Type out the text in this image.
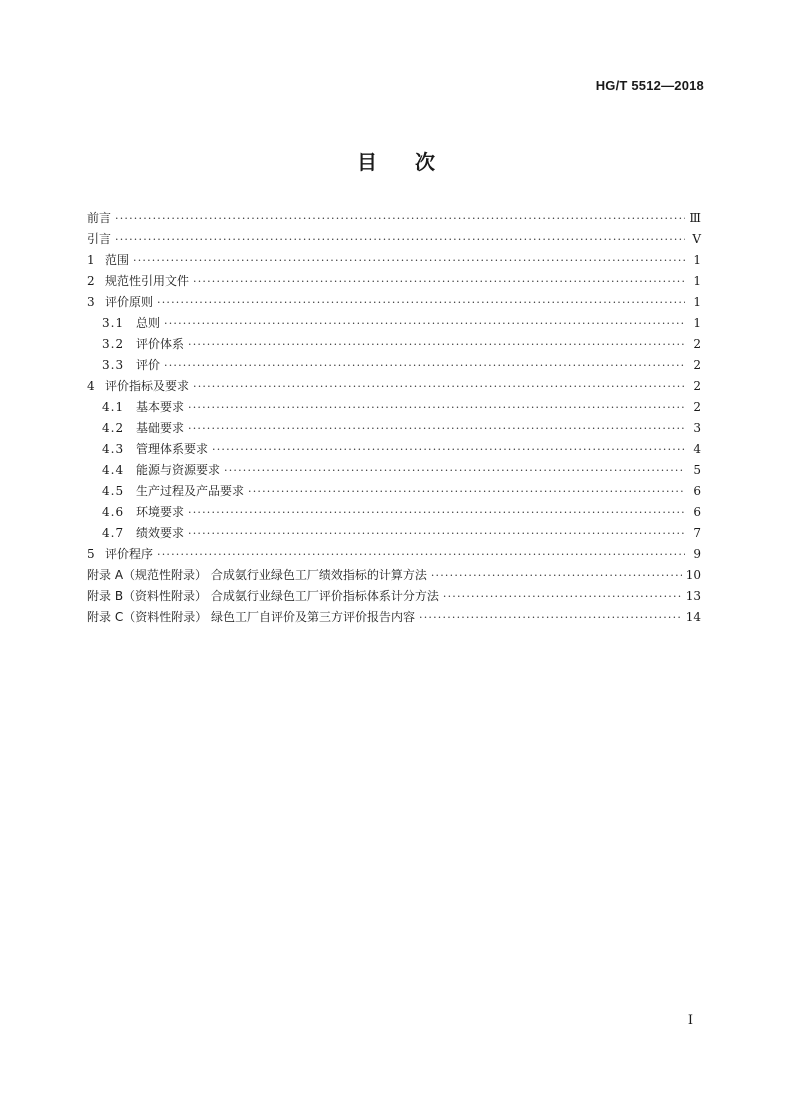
HG/T 5512—2018
目 次
前言 ·····	Ⅲ
引言 ·····	Ⅴ
1 范围 ·····	1
2 规范性引用文件 ·····	1
3 评价原则 ·····	1
3.1 总则 ·····	1
3.2 评价体系 ·····	2
3.3 评价 ·····	2
4 评价指标及要求 ·····	2
4.1 基本要求 ·····	2
4.2 基础要求 ·····	3
4.3 管理体系要求 ·····	4
4.4 能源与资源要求 ·····	5
4.5 生产过程及产品要求 ·····	6
4.6 环境要求 ·····	6
4.7 绩效要求 ·····	7
5 评价程序 ·····	9
附录 A（规范性附录） 合成氨行业绿色工厂绩效指标的计算方法 ·····	10
附录 B（资料性附录） 合成氨行业绿色工厂评价指标体系计分方法 ·····	13
附录 C（资料性附录） 绿色工厂自评价及第三方评价报告内容 ·····	14
Ⅰ
